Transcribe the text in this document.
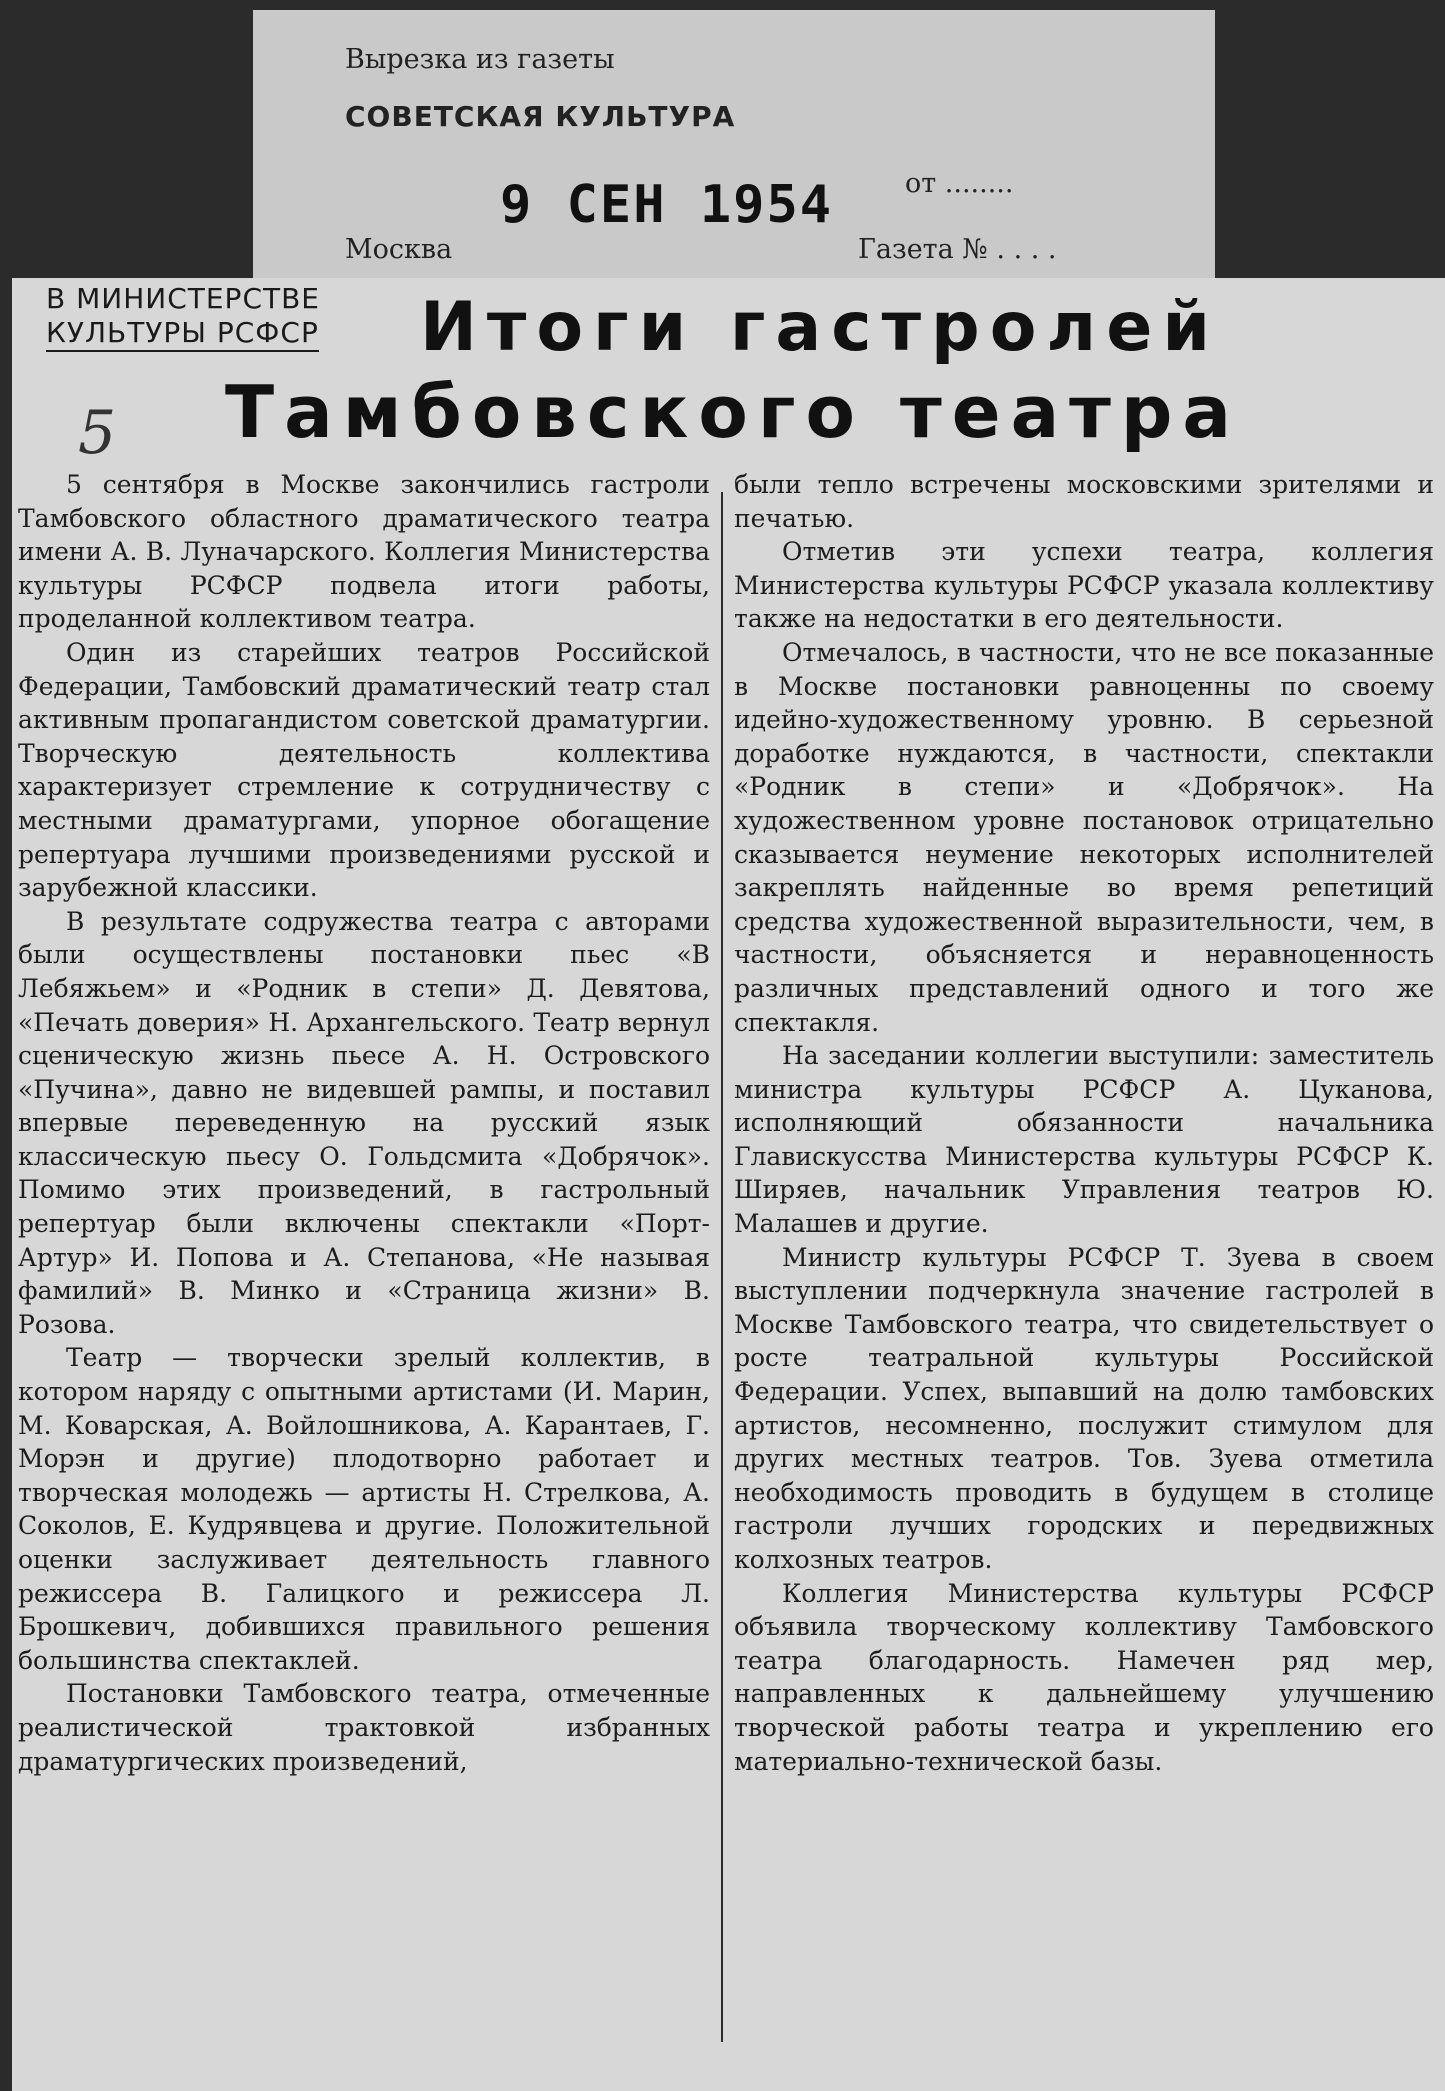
Вырезка из газеты
СОВЕТСКАЯ КУЛЬТУРА
9 СЕН 1954	от ........
Москва	Газета № . . . .
В МИНИСТЕРСТВЕ
КУЛЬТУРЫ РСФСР Итоги гастролей
Тамбовского театра
5

5 сентября в Москве закончились гастроли Тамбовского областного драматического театра имени А. В. Луначарского. Коллегия Министерства культуры РСФСР подвела итоги работы, проделанной коллективом театра.

Один из старейших театров Российской Федерации, Тамбовский драматический театр стал активным пропагандистом советской драматургии. Творческую деятельность коллектива характеризует стремление к сотрудничеству с местными драматургами, упорное обогащение репертуара лучшими произведениями русской и зарубежной классики.

В результате содружества театра с авторами были осуществлены постановки пьес «В Лебяжьем» и «Родник в степи» Д. Девятова, «Печать доверия» Н. Архангельского. Театр вернул сценическую жизнь пьесе А. Н. Островского «Пучина», давно не видевшей рампы, и поставил впервые переведенную на русский язык классическую пьесу О. Гольдсмита «Добрячок». Помимо этих произведений, в гастрольный репертуар были включены спектакли «Порт-Артур» И. Попова и А. Степанова, «Не называя фамилий» В. Минко и «Страница жизни» В. Розова.

Театр — творчески зрелый коллектив, в котором наряду с опытными артистами (И. Марин, М. Коварская, А. Войлошникова, А. Карантаев, Г. Морэн и другие) плодотворно работает и творческая молодежь — артисты Н. Стрелкова, А. Соколов, Е. Кудрявцева и другие. Положительной оценки заслуживает деятельность главного режиссера В. Галицкого и режиссера Л. Брошкевич, добившихся правильного решения большинства спектаклей.

Постановки Тамбовского театра, отмеченные реалистической трактовкой избранных драматургических произведений,

были тепло встречены московскими зрителями и печатью.

Отметив эти успехи театра, коллегия Министерства культуры РСФСР указала коллективу также на недостатки в его деятельности.

Отмечалось, в частности, что не все показанные в Москве постановки равноценны по своему идейно-художественному уровню. В серьезной доработке нуждаются, в частности, спектакли «Родник в степи» и «Добрячок». На художественном уровне постановок отрицательно сказывается неумение некоторых исполнителей закреплять найденные во время репетиций средства художественной выразительности, чем, в частности, объясняется и неравноценность различных представлений одного и того же спектакля.

На заседании коллегии выступили: заместитель министра культуры РСФСР А. Цуканова, исполняющий обязанности начальника Главискусства Министерства культуры РСФСР К. Ширяев, начальник Управления театров Ю. Малашев и другие.

Министр культуры РСФСР Т. Зуева в своем выступлении подчеркнула значение гастролей в Москве Тамбовского театра, что свидетельствует о росте театральной культуры Российской Федерации. Успех, выпавший на долю тамбовских артистов, несомненно, послужит стимулом для других местных театров. Тов. Зуева отметила необходимость проводить в будущем в столице гастроли лучших городских и передвижных колхозных театров.

Коллегия Министерства культуры РСФСР объявила творческому коллективу Тамбовского театра благодарность. Намечен ряд мер, направленных к дальнейшему улучшению творческой работы театра и укреплению его материально-технической базы.
